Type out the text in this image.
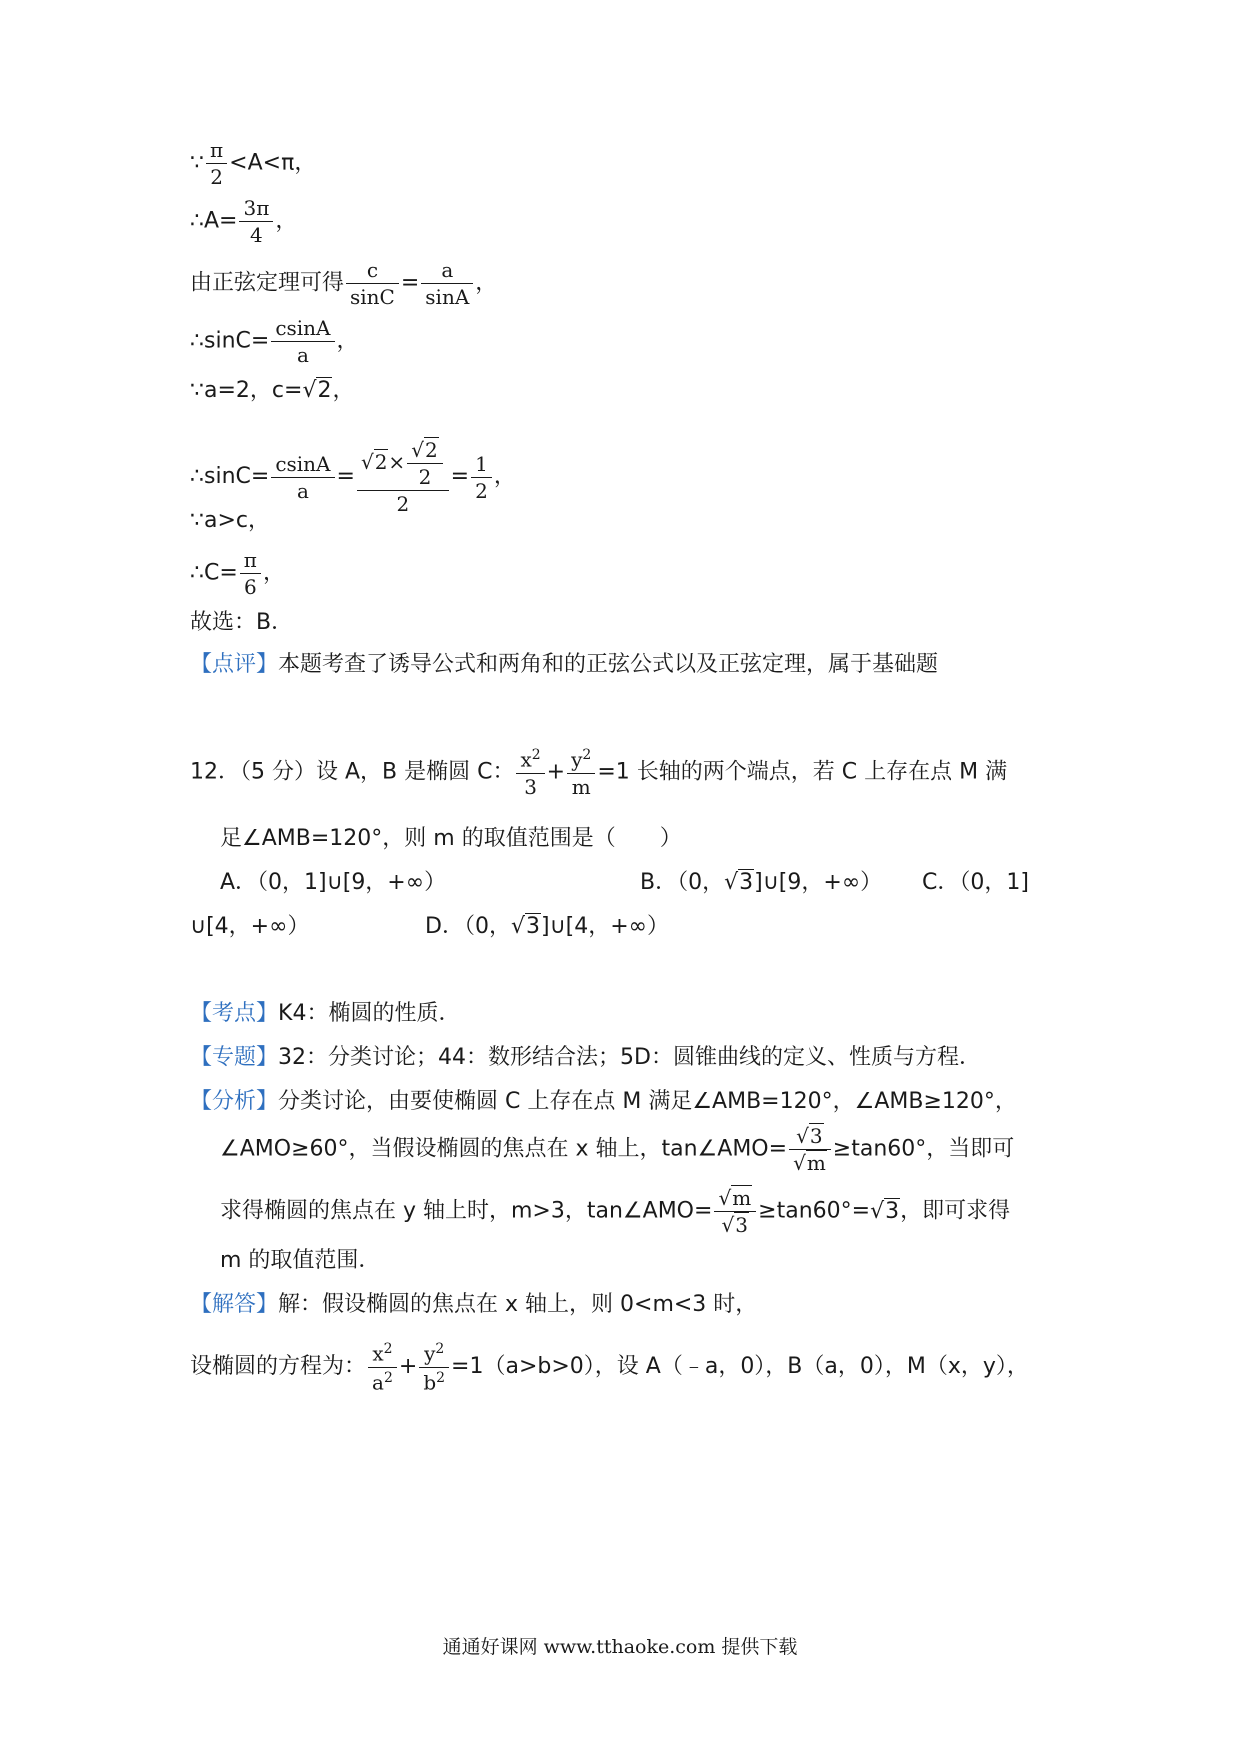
∵ $\frac{\pi}{2} <A<\pi$，
∴A= $\frac{3\pi}{4}$ ，
由正弦定理可得 $\frac{c}{\sin C} = \frac{a}{\sin A}$ ，
∴sinC= $\frac{csinA}{a}$ ，
∵a=2，c=√2，
∴sinC= $\frac{csinA}{a} = \frac{√2\times \frac{√2}{2}}{2} = \frac{1}{2}$ ，
∵a>c，
∴C= $\frac{\pi}{6}$ ，
故选：B．
【点评】本题考查了诱导公式和两角和的正弦公式以及正弦定理，属于基础题
12．（5 分）设 A，B 是椭圆 C： $\frac{x^2}{3} + \frac{y^2}{m} =1$ 长轴的两个端点，若 C 上存在点 M 满
足∠AMB=120°，则 m 的取值范围是（　　）
A．（0，1]∪[9，+∞）	B．（0，√3]∪[9，+∞） C．（0，1]
∪[4，+∞）	D．（0，√3]∪[4，+∞）
【考点】K4：椭圆的性质．
【专题】32：分类讨论；44：数形结合法；5D：圆锥曲线的定义、性质与方程．
【分析】分类讨论，由要使椭圆 C 上存在点 M 满足∠AMB=120°，∠AMB≥120°，
∠AMO≥60°，当假设椭圆的焦点在 x 轴上，tan∠AMO= $\frac{√3}{√m} \ge\tan 60^\circ$，当即可
求得椭圆的焦点在 y 轴上时，m>3，tan∠AMO= $\frac{√m}{√3} \ge\tan 60^\circ=√3$，即可求得
m 的取值范围．
【解答】解：假设椭圆的焦点在 x 轴上，则 0<m<3 时，
设椭圆的方程为： $\frac{x^2}{a^2} + \frac{y^2}{b^2} =1(a>b>0)$，设 A（﹣a，0），B（a，0），M（x，y），
通通好课网 www.tthaoke.com 提供下载
